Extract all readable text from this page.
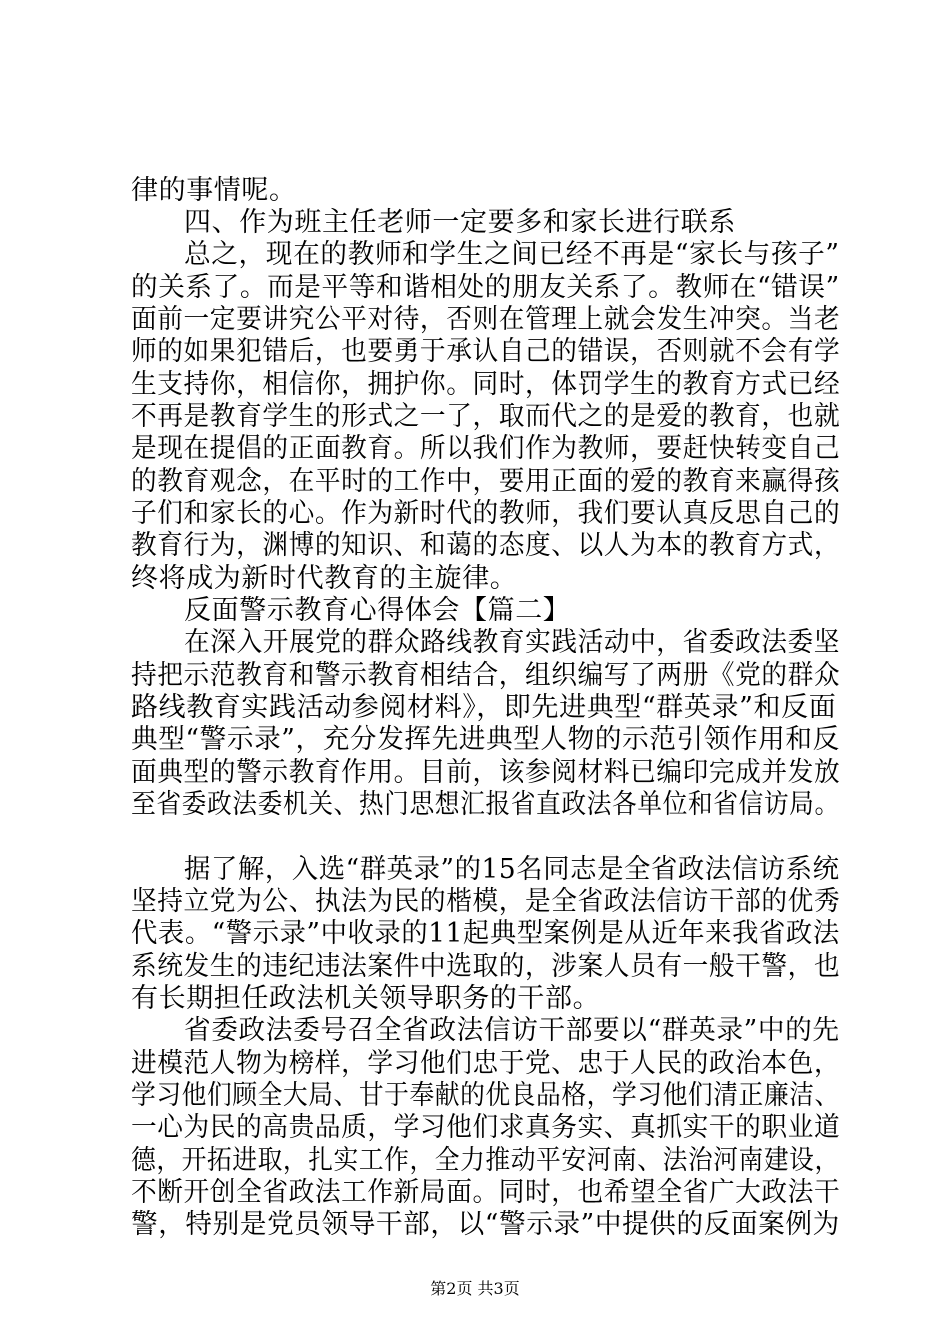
律的事情呢。
四、作为班主任老师一定要多和家长进行联系
总之，现在的教师和学生之间已经不再是“家长与孩子”
的关系了。而是平等和谐相处的朋友关系了。教师在“错误”
面前一定要讲究公平对待，否则在管理上就会发生冲突。当老
师的如果犯错后，也要勇于承认自己的错误，否则就不会有学
生支持你，相信你，拥护你。同时，体罚学生的教育方式已经
不再是教育学生的形式之一了，取而代之的是爱的教育，也就
是现在提倡的正面教育。所以我们作为教师，要赶快转变自己
的教育观念，在平时的工作中，要用正面的爱的教育来赢得孩
子们和家长的心。作为新时代的教师，我们要认真反思自己的
教育行为，渊博的知识、和蔼的态度、以人为本的教育方式，
终将成为新时代教育的主旋律。
反面警示教育心得体会【篇二】
在深入开展党的群众路线教育实践活动中，省委政法委坚
持把示范教育和警示教育相结合，组织编写了两册《党的群众
路线教育实践活动参阅材料》，即先进典型“群英录”和反面
典型“警示录”，充分发挥先进典型人物的示范引领作用和反
面典型的警示教育作用。目前，该参阅材料已编印完成并发放
至省委政法委机关、热门思想汇报省直政法各单位和省信访局。
据了解，入选“群英录”的15名同志是全省政法信访系统
坚持立党为公、执法为民的楷模，是全省政法信访干部的优秀
代表。“警示录”中收录的11起典型案例是从近年来我省政法
系统发生的违纪违法案件中选取的，涉案人员有一般干警，也
有长期担任政法机关领导职务的干部。
省委政法委号召全省政法信访干部要以“群英录”中的先
进模范人物为榜样，学习他们忠于党、忠于人民的政治本色，
学习他们顾全大局、甘于奉献的优良品格，学习他们清正廉洁、
一心为民的高贵品质，学习他们求真务实、真抓实干的职业道
德，开拓进取，扎实工作，全力推动平安河南、法治河南建设，
不断开创全省政法工作新局面。同时，也希望全省广大政法干
警，特别是党员领导干部，以“警示录”中提供的反面案例为
第2页 共3页
